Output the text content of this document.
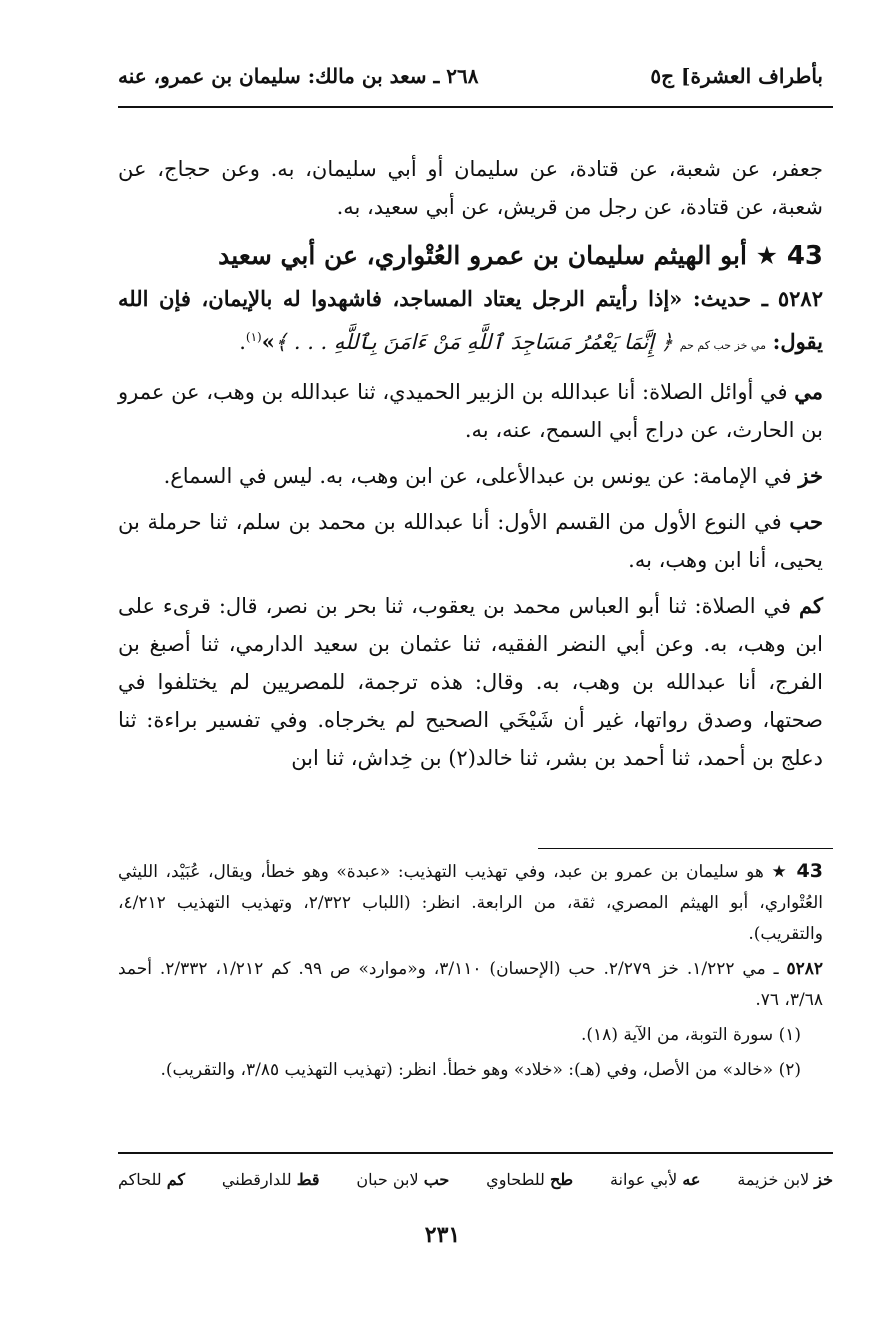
بأطراف العشرة] ج٥
٢٦٨ ـ سعد بن مالك: سليمان بن عمرو، عنه

جعفر، عن شعبة، عن قتادة، عن سليمان أو أبي سليمان، به. وعن حجاج، عن شعبة، عن قتادة، عن رجل من قريش، عن أبي سعيد، به.

43 ★ أبو الهيثم سليمان بن عمرو العُتْواري، عن أبي سعيد

٥٢٨٢ ـ حديث: «إذا رأيتم الرجل يعتاد المساجد، فاشهدوا له بالإيمان، فإن الله يقول: مي خز حب كم حم ﴿ إِنَّمَا يَعْمُرُ مَسَاجِدَ ٱللَّهِ مَنْ ءَامَنَ بِٱللَّهِ . . . ﴾»$^{(١)}$.

مي في أوائل الصلاة: أنا عبدالله بن الزبير الحميدي، ثنا عبدالله بن وهب، عن عمرو بن الحارث، عن دراج أبي السمح، عنه، به.

خز في الإمامة: عن يونس بن عبدالأعلى، عن ابن وهب، به. ليس في السماع.

حب في النوع الأول من القسم الأول: أنا عبدالله بن محمد بن سلم، ثنا حرملة بن يحيى، أنا ابن وهب، به.

كم في الصلاة: ثنا أبو العباس محمد بن يعقوب، ثنا بحر بن نصر، قال: قرىء على ابن وهب، به. وعن أبي النضر الفقيه، ثنا عثمان بن سعيد الدارمي، ثنا أصبغ بن الفرج، أنا عبدالله بن وهب، به. وقال: هذه ترجمة، للمصريين لم يختلفوا في صحتها، وصدق رواتها، غير أن شَيْخَي الصحيح لم يخرجاه. وفي تفسير براءة: ثنا دعلج بن أحمد، ثنا أحمد بن بشر، ثنا خالد(٢) بن خِداش، ثنا ابن

43 ★ هو سليمان بن عمرو بن عبد، وفي تهذيب التهذيب: «عبدة» وهو خطأ، ويقال، عُبَيْد، الليثي العُتْواري، أبو الهيثم المصري، ثقة، من الرابعة. انظر: (اللباب ٢/٣٢٢، وتهذيب التهذيب ٤/٢١٢، والتقريب).

٥٢٨٢ ـ مي ١/٢٢٢. خز ٢/٢٧٩. حب (الإحسان) ٣/١١٠، و«موارد» ص ٩٩. كم ١/٢١٢، ٢/٣٣٢. أحمد ٣/٦٨، ٧٦.

(١) سورة التوبة، من الآية (١٨).

(٢) «خالد» من الأصل، وفي (هـ): «خلاد» وهو خطأ. انظر: (تهذيب التهذيب ٣/٨٥، والتقريب).

خز لابن خزيمة
عه لأبي عوانة
طح للطحاوي
حب لابن حبان
قط للدارقطني
كم للحاكم
٢٣١
